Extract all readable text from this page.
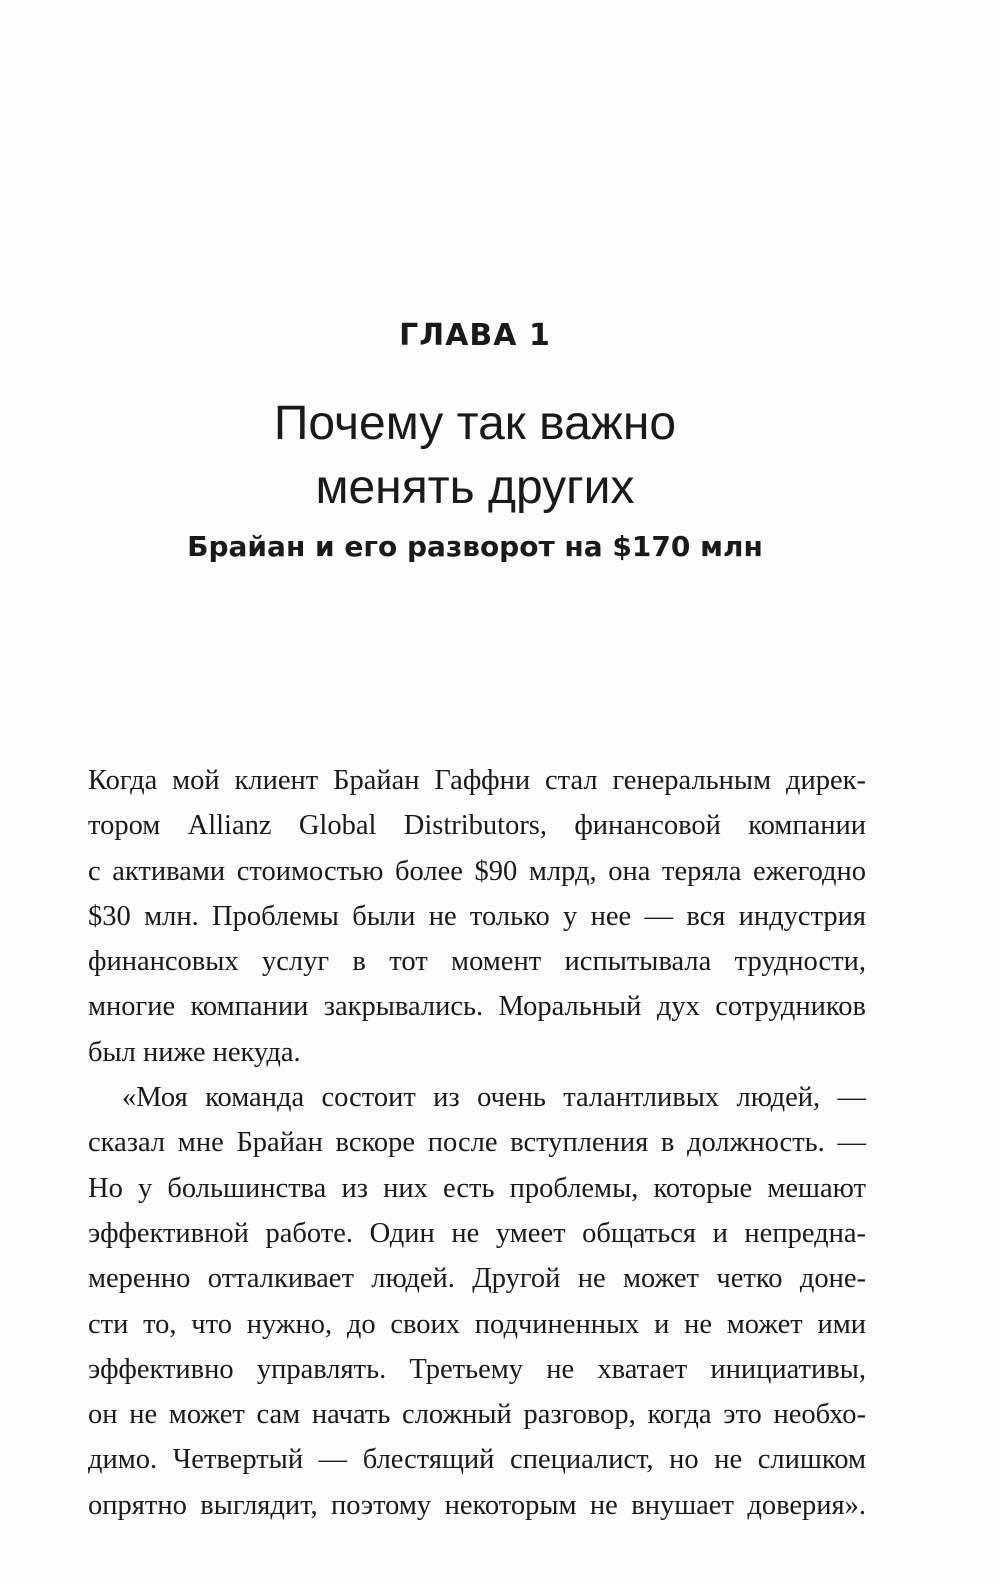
ГЛАВА 1
Почему так важно
менять других
Брайан и его разворот на $170 млн

Когда мой клиент Брайан Гаффни стал генеральным дирек-
тором Allianz Global Distributors, финансовой компании
с активами стоимостью более $90 млрд, она теряла ежегодно
$30 млн. Проблемы были не только у нее — вся индустрия
финансовых услуг в тот момент испытывала трудности,
многие компании закрывались. Моральный дух сотрудников
был ниже некуда.

«Моя команда состоит из очень талантливых людей, —
сказал мне Брайан вскоре после вступления в должность. —
Но у большинства из них есть проблемы, которые мешают
эффективной работе. Один не умеет общаться и непредна-
меренно отталкивает людей. Другой не может четко доне-
сти то, что нужно, до своих подчиненных и не может ими
эффективно управлять. Третьему не хватает инициативы,
он не может сам начать сложный разговор, когда это необхо-
димо. Четвертый — блестящий специалист, но не слишком
опрятно выглядит, поэтому некоторым не внушает доверия».
